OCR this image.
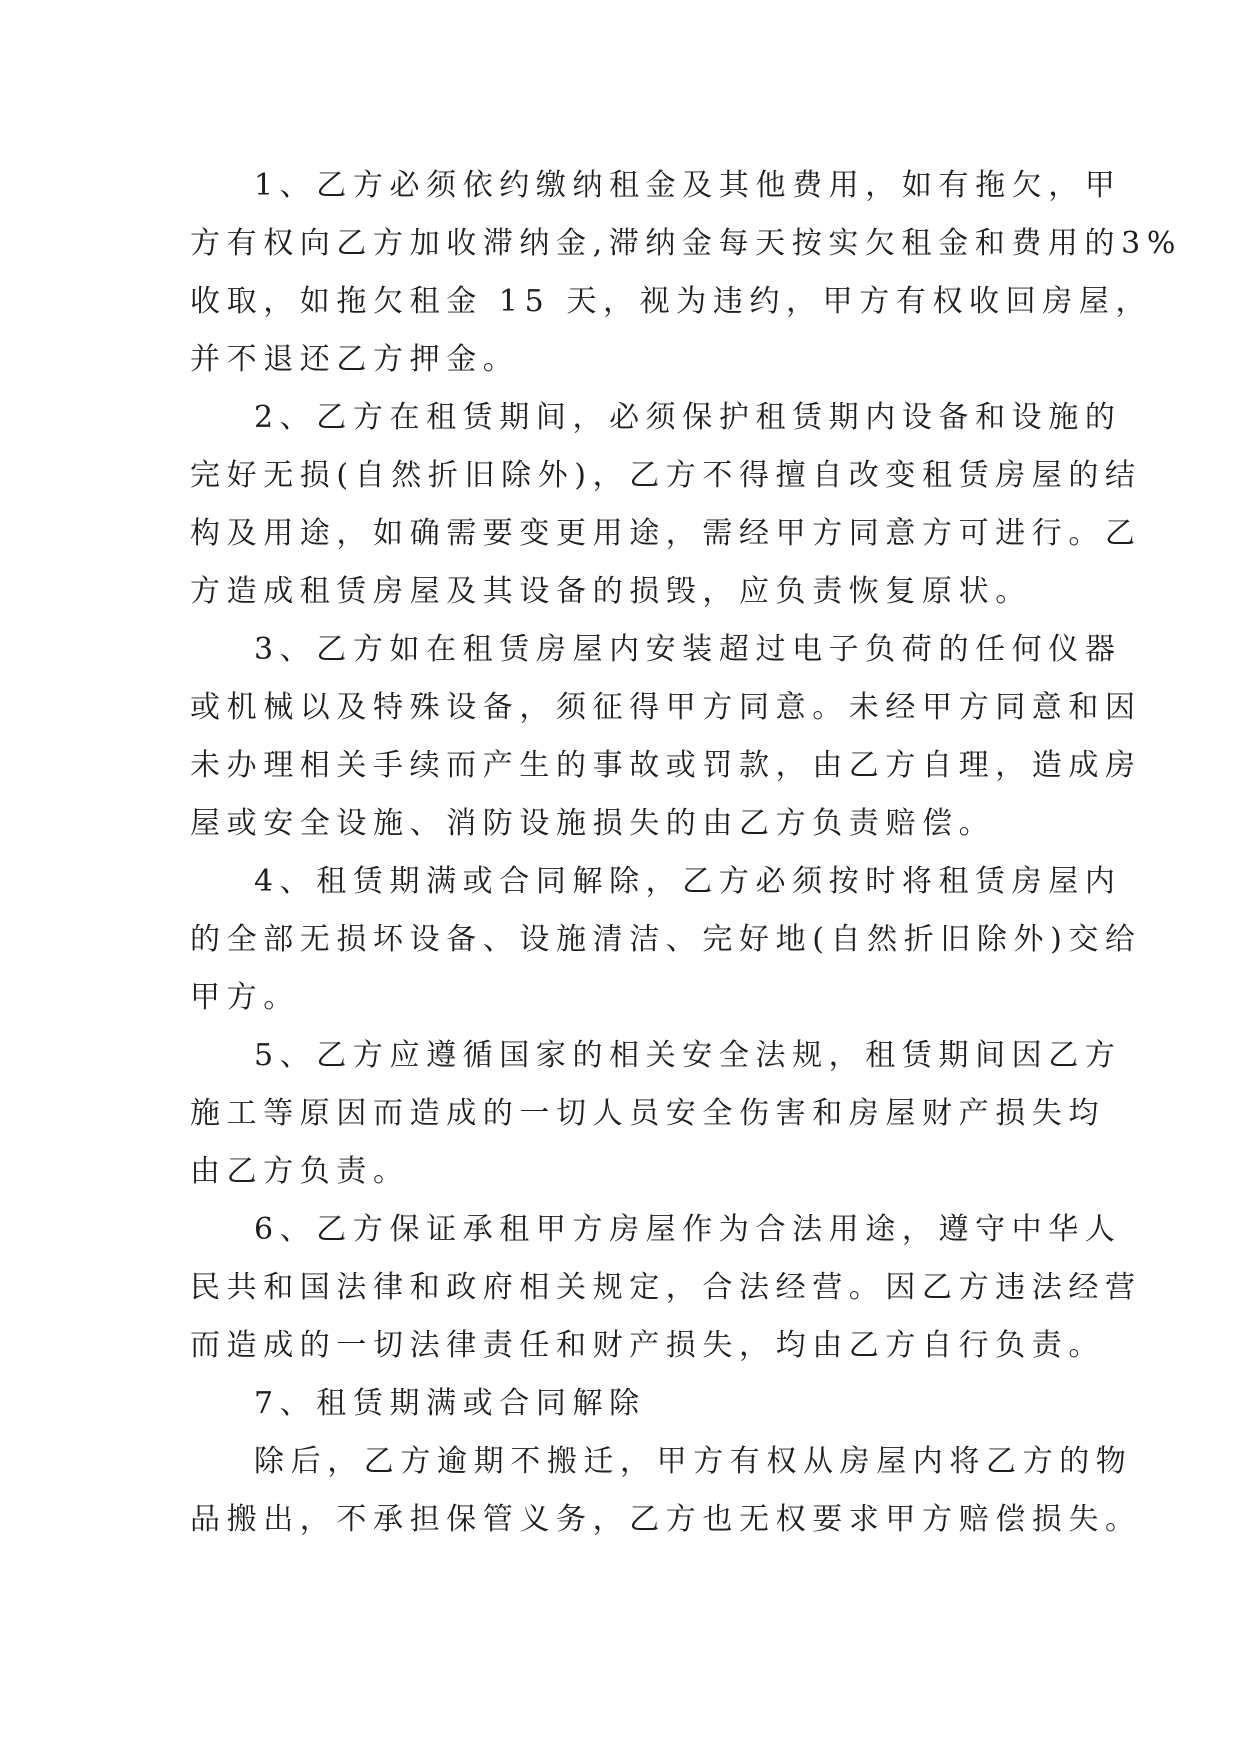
1、乙方必须依约缴纳租金及其他费用，如有拖欠，甲
方有权向乙方加收滞纳金,滞纳金每天按实欠租金和费用的3%
收取，如拖欠租金 15 天，视为违约，甲方有权收回房屋，
并不退还乙方押金。
2、乙方在租赁期间，必须保护租赁期内设备和设施的
完好无损(自然折旧除外)，乙方不得擅自改变租赁房屋的结
构及用途，如确需要变更用途，需经甲方同意方可进行。乙
方造成租赁房屋及其设备的损毁，应负责恢复原状。
3、乙方如在租赁房屋内安装超过电子负荷的任何仪器
或机械以及特殊设备，须征得甲方同意。未经甲方同意和因
未办理相关手续而产生的事故或罚款，由乙方自理，造成房
屋或安全设施、消防设施损失的由乙方负责赔偿。
4、租赁期满或合同解除，乙方必须按时将租赁房屋内
的全部无损坏设备、设施清洁、完好地(自然折旧除外)交给
甲方。
5、乙方应遵循国家的相关安全法规，租赁期间因乙方
施工等原因而造成的一切人员安全伤害和房屋财产损失均
由乙方负责。
6、乙方保证承租甲方房屋作为合法用途，遵守中华人
民共和国法律和政府相关规定，合法经营。因乙方违法经营
而造成的一切法律责任和财产损失，均由乙方自行负责。
7、租赁期满或合同解除
除后，乙方逾期不搬迁，甲方有权从房屋内将乙方的物
品搬出，不承担保管义务，乙方也无权要求甲方赔偿损失。
